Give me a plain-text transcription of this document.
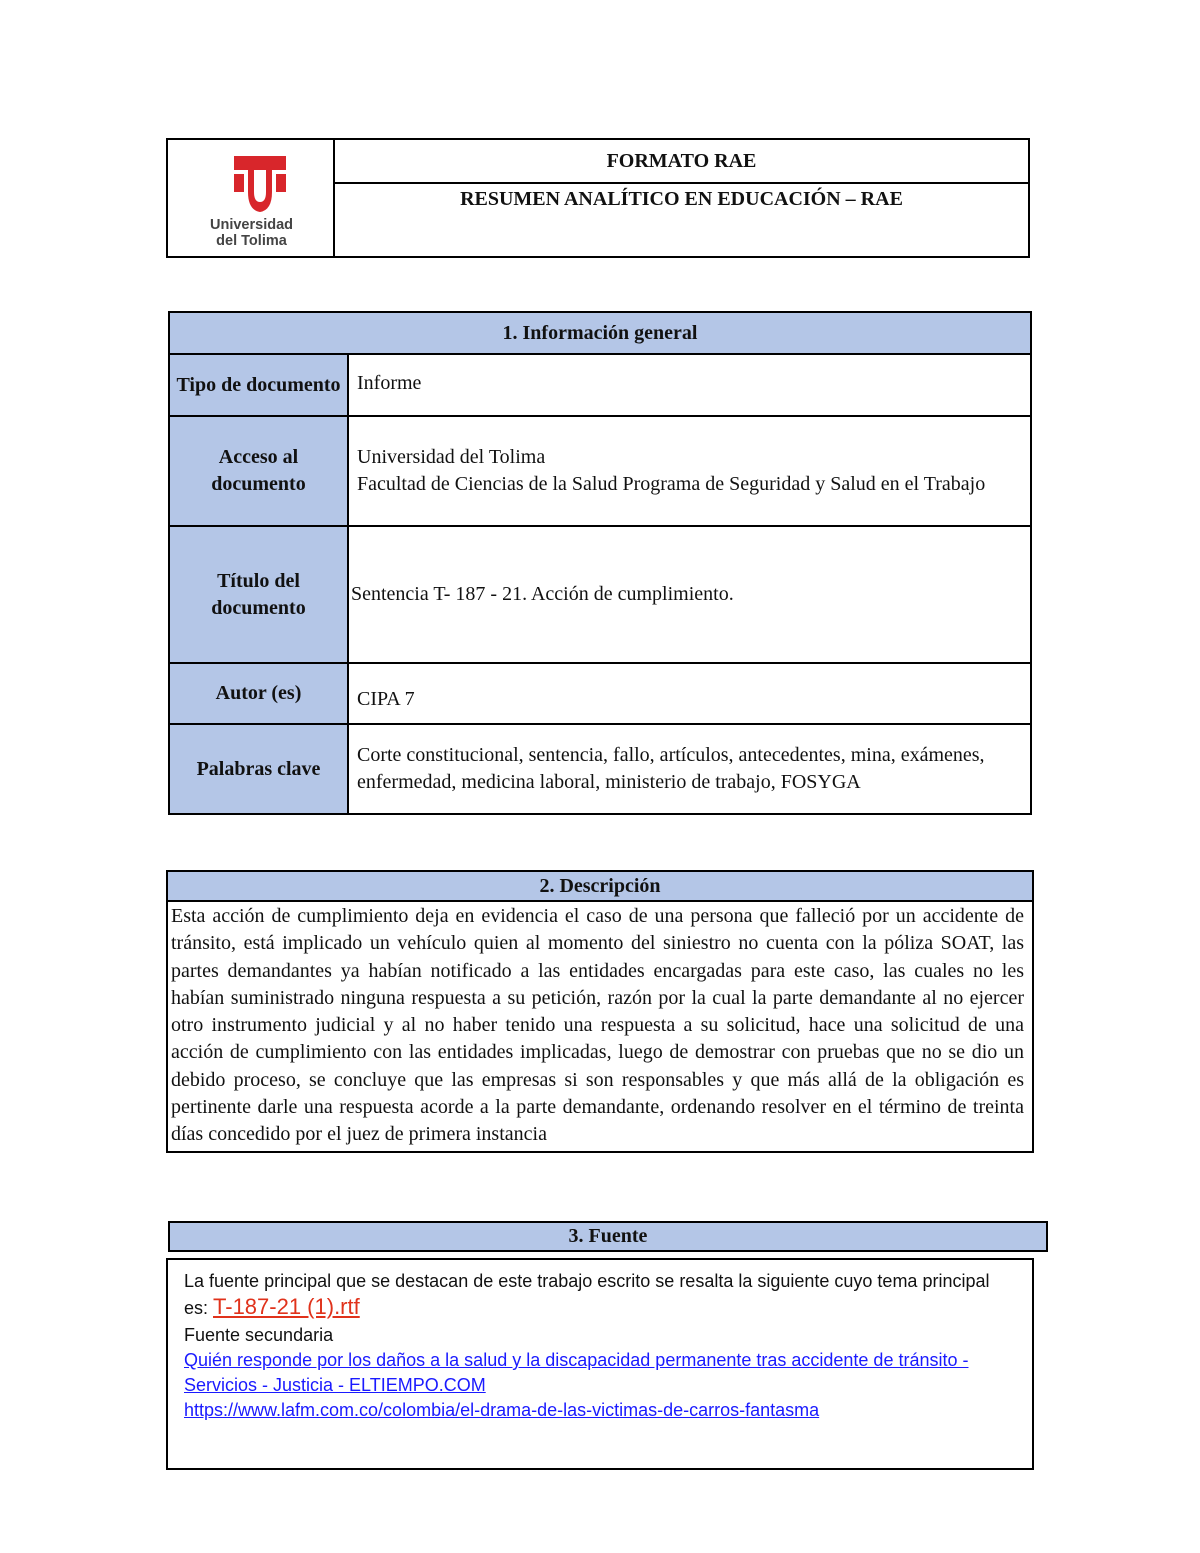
Universidad
del Tolima
FORMATO RAE
RESUMEN ANALÍTICO EN EDUCACIÓN – RAE
1. Información general	
Tipo de documento	Informe

Acceso al documento	Universidad del Tolima
Facultad de Ciencias de la Salud Programa de Seguridad y Salud en el Trabajo

Título del documento	Sentencia T- 187 - 21. Acción de cumplimiento.

Autor (es)	CIPA 7

Palabras clave	Corte constitucional, sentencia, fallo, artículos, antecedentes, mina, exámenes, enfermedad, medicina laboral, ministerio de trabajo, FOSYGA
2. Descripción
Esta acción de cumplimiento deja en evidencia el caso de una persona que falleció por un accidente de tránsito, está implicado un vehículo quien al momento del siniestro no cuenta con la póliza SOAT, las partes demandantes ya habían notificado a las entidades encargadas para este caso, las cuales no les habían suministrado ninguna respuesta a su petición, razón por la cual la parte demandante al no ejercer otro instrumento judicial y al no haber tenido una respuesta a su solicitud, hace una solicitud de una acción de cumplimiento con las entidades implicadas, luego de demostrar con pruebas que no se dio un debido proceso, se concluye que las empresas si son responsables y que más allá de la obligación es pertinente darle una respuesta acorde a la parte demandante, ordenando resolver en el término de treinta días concedido por el juez de primera instancia
3. Fuente
La fuente principal que se destacan de este trabajo escrito se resalta la siguiente cuyo tema principal es: T-187-21 (1).rtf
Fuente secundaria
Quién responde por los daños a la salud y la discapacidad permanente tras accidente de tránsito - Servicios - Justicia - ELTIEMPO.COM
https://www.lafm.com.co/colombia/el-drama-de-las-victimas-de-carros-fantasma
